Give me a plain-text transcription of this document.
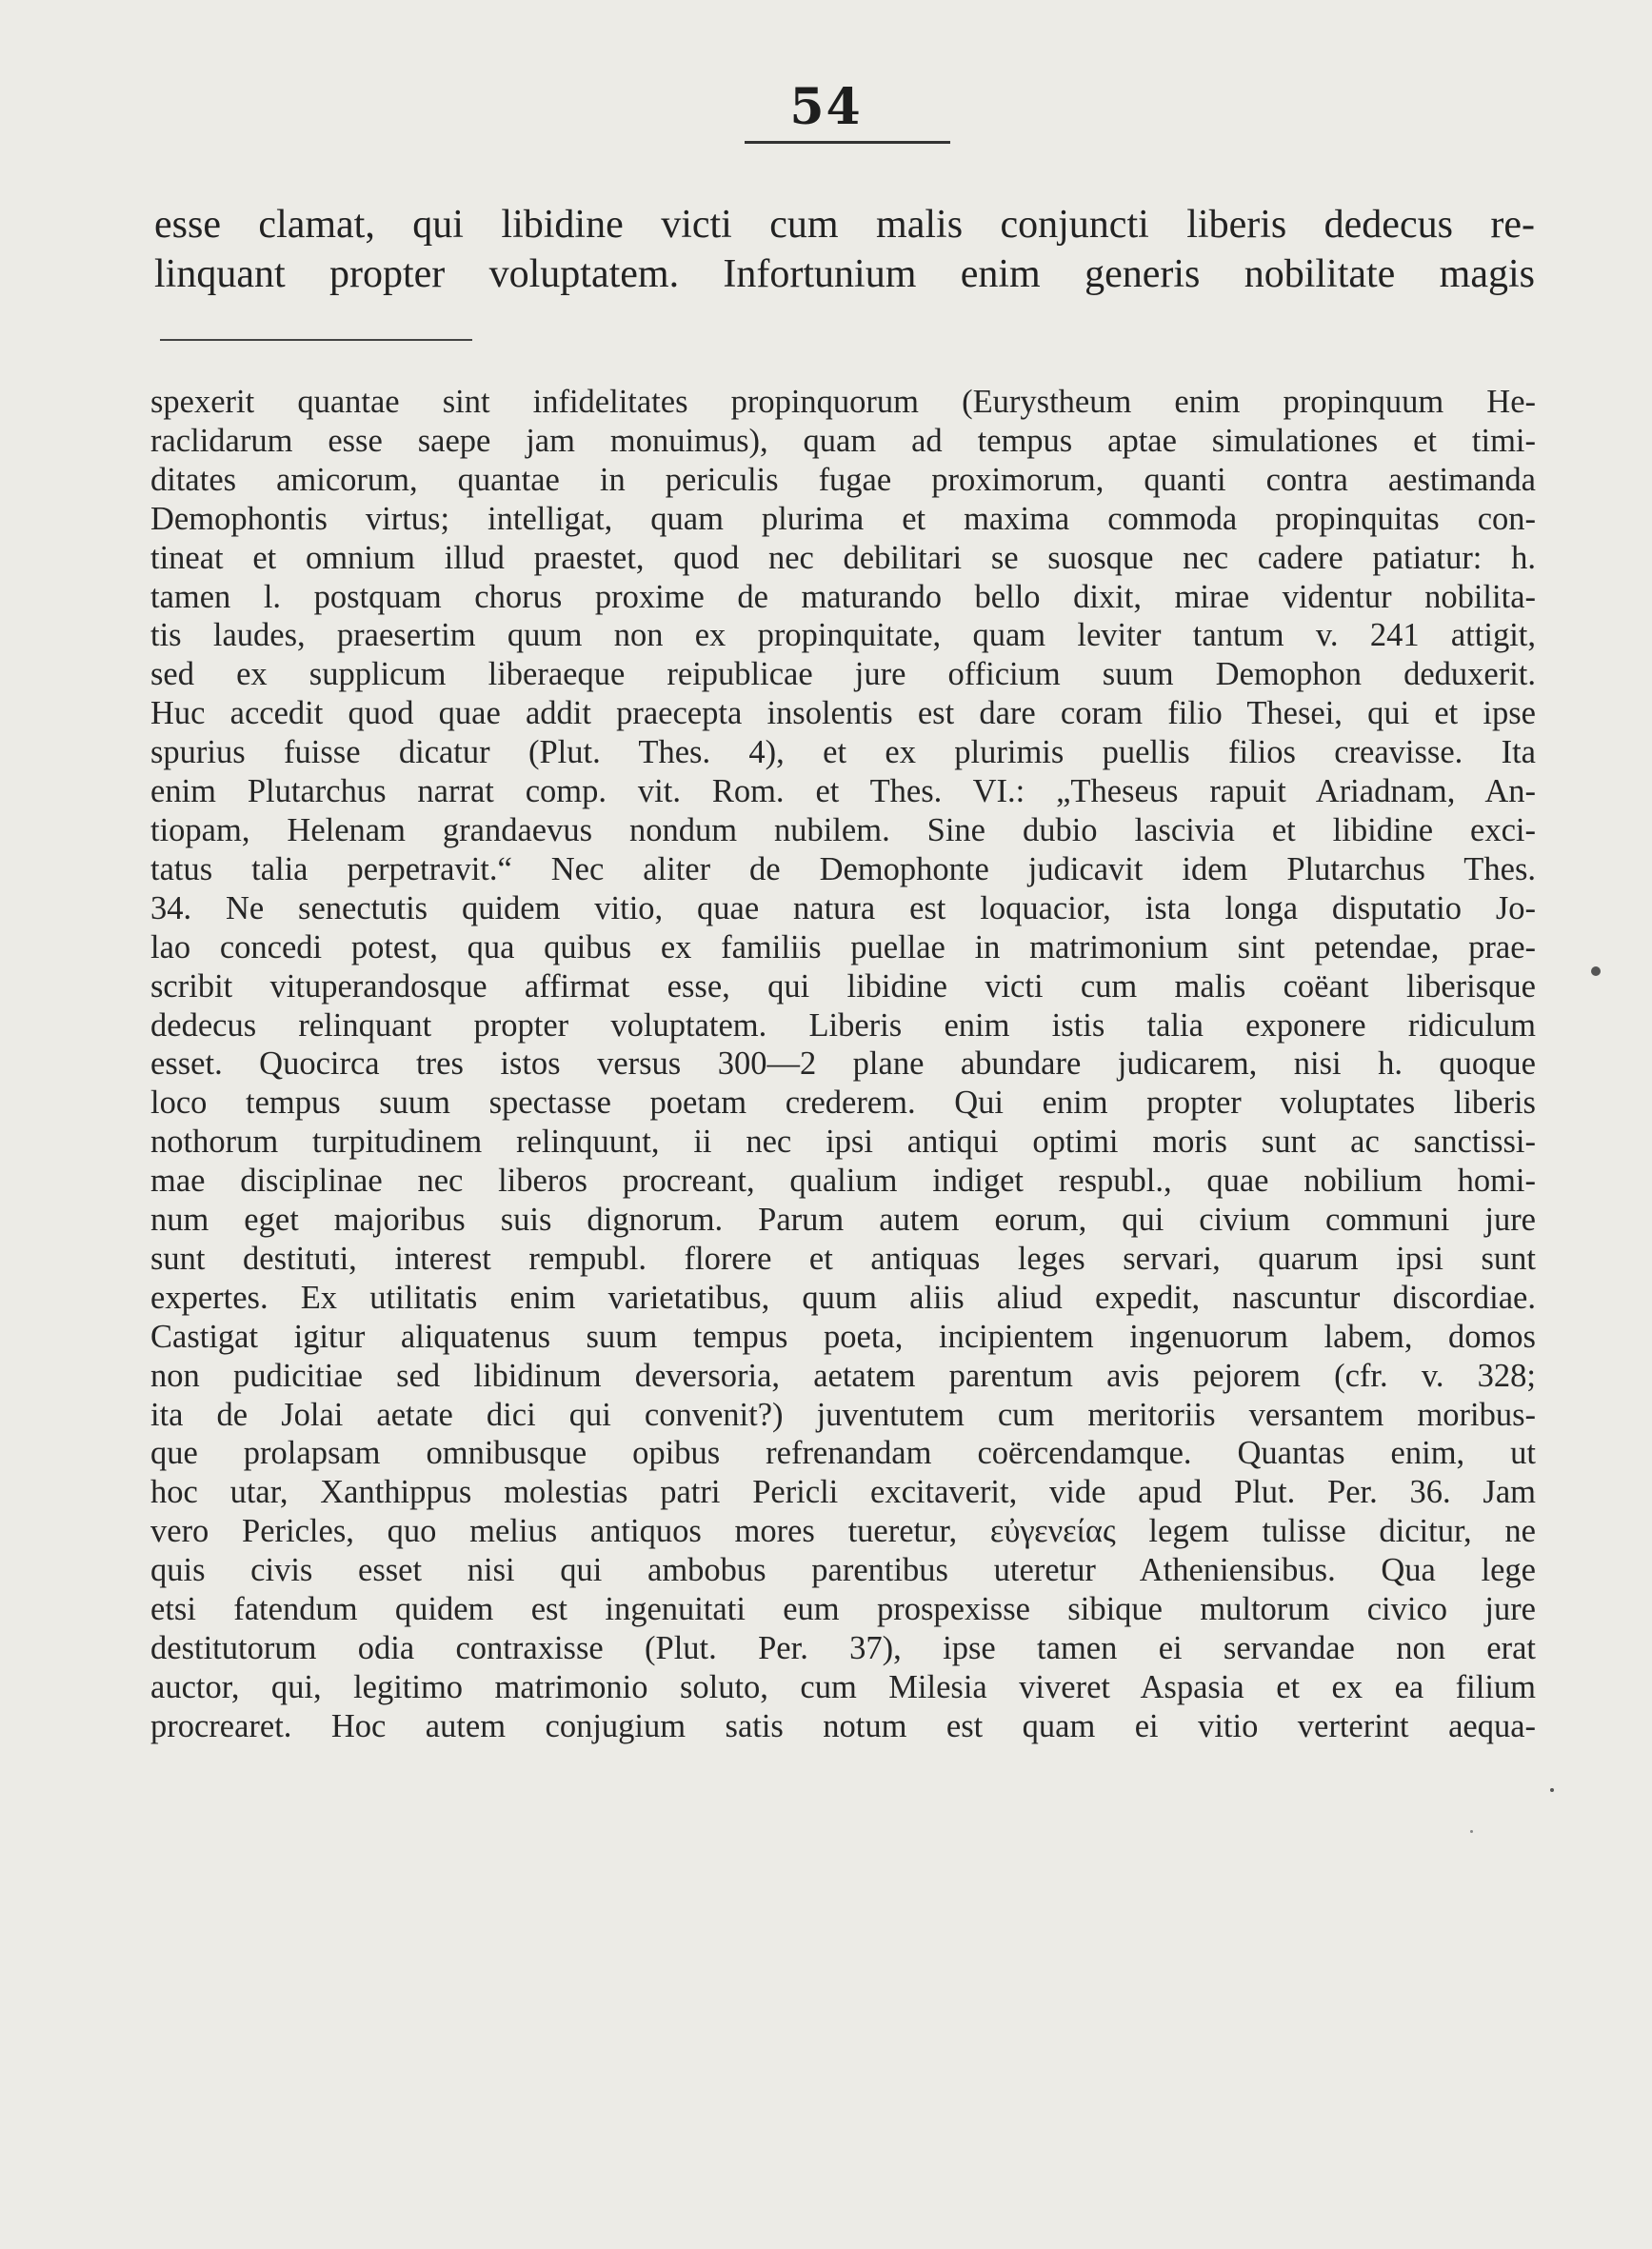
54
esse clamat, qui libidine victi cum malis conjuncti liberis dedecus re-
linquant propter voluptatem. Infortunium enim generis nobilitate magis
spexerit quantae sint infidelitates propinquorum (Eurystheum enim propinquum He-
raclidarum esse saepe jam monuimus), quam ad tempus aptae simulationes et timi-
ditates amicorum, quantae in periculis fugae proximorum, quanti contra aestimanda
Demophontis virtus; intelligat, quam plurima et maxima commoda propinquitas con-
tineat et omnium illud praestet, quod nec debilitari se suosque nec cadere patiatur: h.
tamen l. postquam chorus proxime de maturando bello dixit, mirae videntur nobilita-
tis laudes, praesertim quum non ex propinquitate, quam leviter tantum v. 241 attigit,
sed ex supplicum liberaeque reipublicae jure officium suum Demophon deduxerit.
Huc accedit quod quae addit praecepta insolentis est dare coram filio Thesei, qui et ipse
spurius fuisse dicatur (Plut. Thes. 4), et ex plurimis puellis filios creavisse. Ita
enim Plutarchus narrat comp. vit. Rom. et Thes. VI.: „Theseus rapuit Ariadnam, An-
tiopam, Helenam grandaevus nondum nubilem. Sine dubio lascivia et libidine exci-
tatus talia perpetravit.“ Nec aliter de Demophonte judicavit idem Plutarchus Thes.
34. Ne senectutis quidem vitio, quae natura est loquacior, ista longa disputatio Jo-
lao concedi potest, qua quibus ex familiis puellae in matrimonium sint petendae, prae-
scribit vituperandosque affirmat esse, qui libidine victi cum malis coëant liberisque
dedecus relinquant propter voluptatem. Liberis enim istis talia exponere ridiculum
esset. Quocirca tres istos versus 300—2 plane abundare judicarem, nisi h. quoque
loco tempus suum spectasse poetam crederem. Qui enim propter voluptates liberis
nothorum turpitudinem relinquunt, ii nec ipsi antiqui optimi moris sunt ac sanctissi-
mae disciplinae nec liberos procreant, qualium indiget respubl., quae nobilium homi-
num eget majoribus suis dignorum. Parum autem eorum, qui civium communi jure
sunt destituti, interest rempubl. florere et antiquas leges servari, quarum ipsi sunt
expertes. Ex utilitatis enim varietatibus, quum aliis aliud expedit, nascuntur discordiae.
Castigat igitur aliquatenus suum tempus poeta, incipientem ingenuorum labem, domos
non pudicitiae sed libidinum deversoria, aetatem parentum avis pejorem (cfr. v. 328;
ita de Jolai aetate dici qui convenit?) juventutem cum meritoriis versantem moribus-
que prolapsam omnibusque opibus refrenandam coërcendamque. Quantas enim, ut
hoc utar, Xanthippus molestias patri Pericli excitaverit, vide apud Plut. Per. 36. Jam
vero Pericles, quo melius antiquos mores tueretur, εὐγενείας legem tulisse dicitur, ne
quis civis esset nisi qui ambobus parentibus uteretur Atheniensibus. Qua lege
etsi fatendum quidem est ingenuitati eum prospexisse sibique multorum civico jure
destitutorum odia contraxisse (Plut. Per. 37), ipse tamen ei servandae non erat
auctor, qui, legitimo matrimonio soluto, cum Milesia viveret Aspasia et ex ea filium
procrearet. Hoc autem conjugium satis notum est quam ei vitio verterint aequa-
